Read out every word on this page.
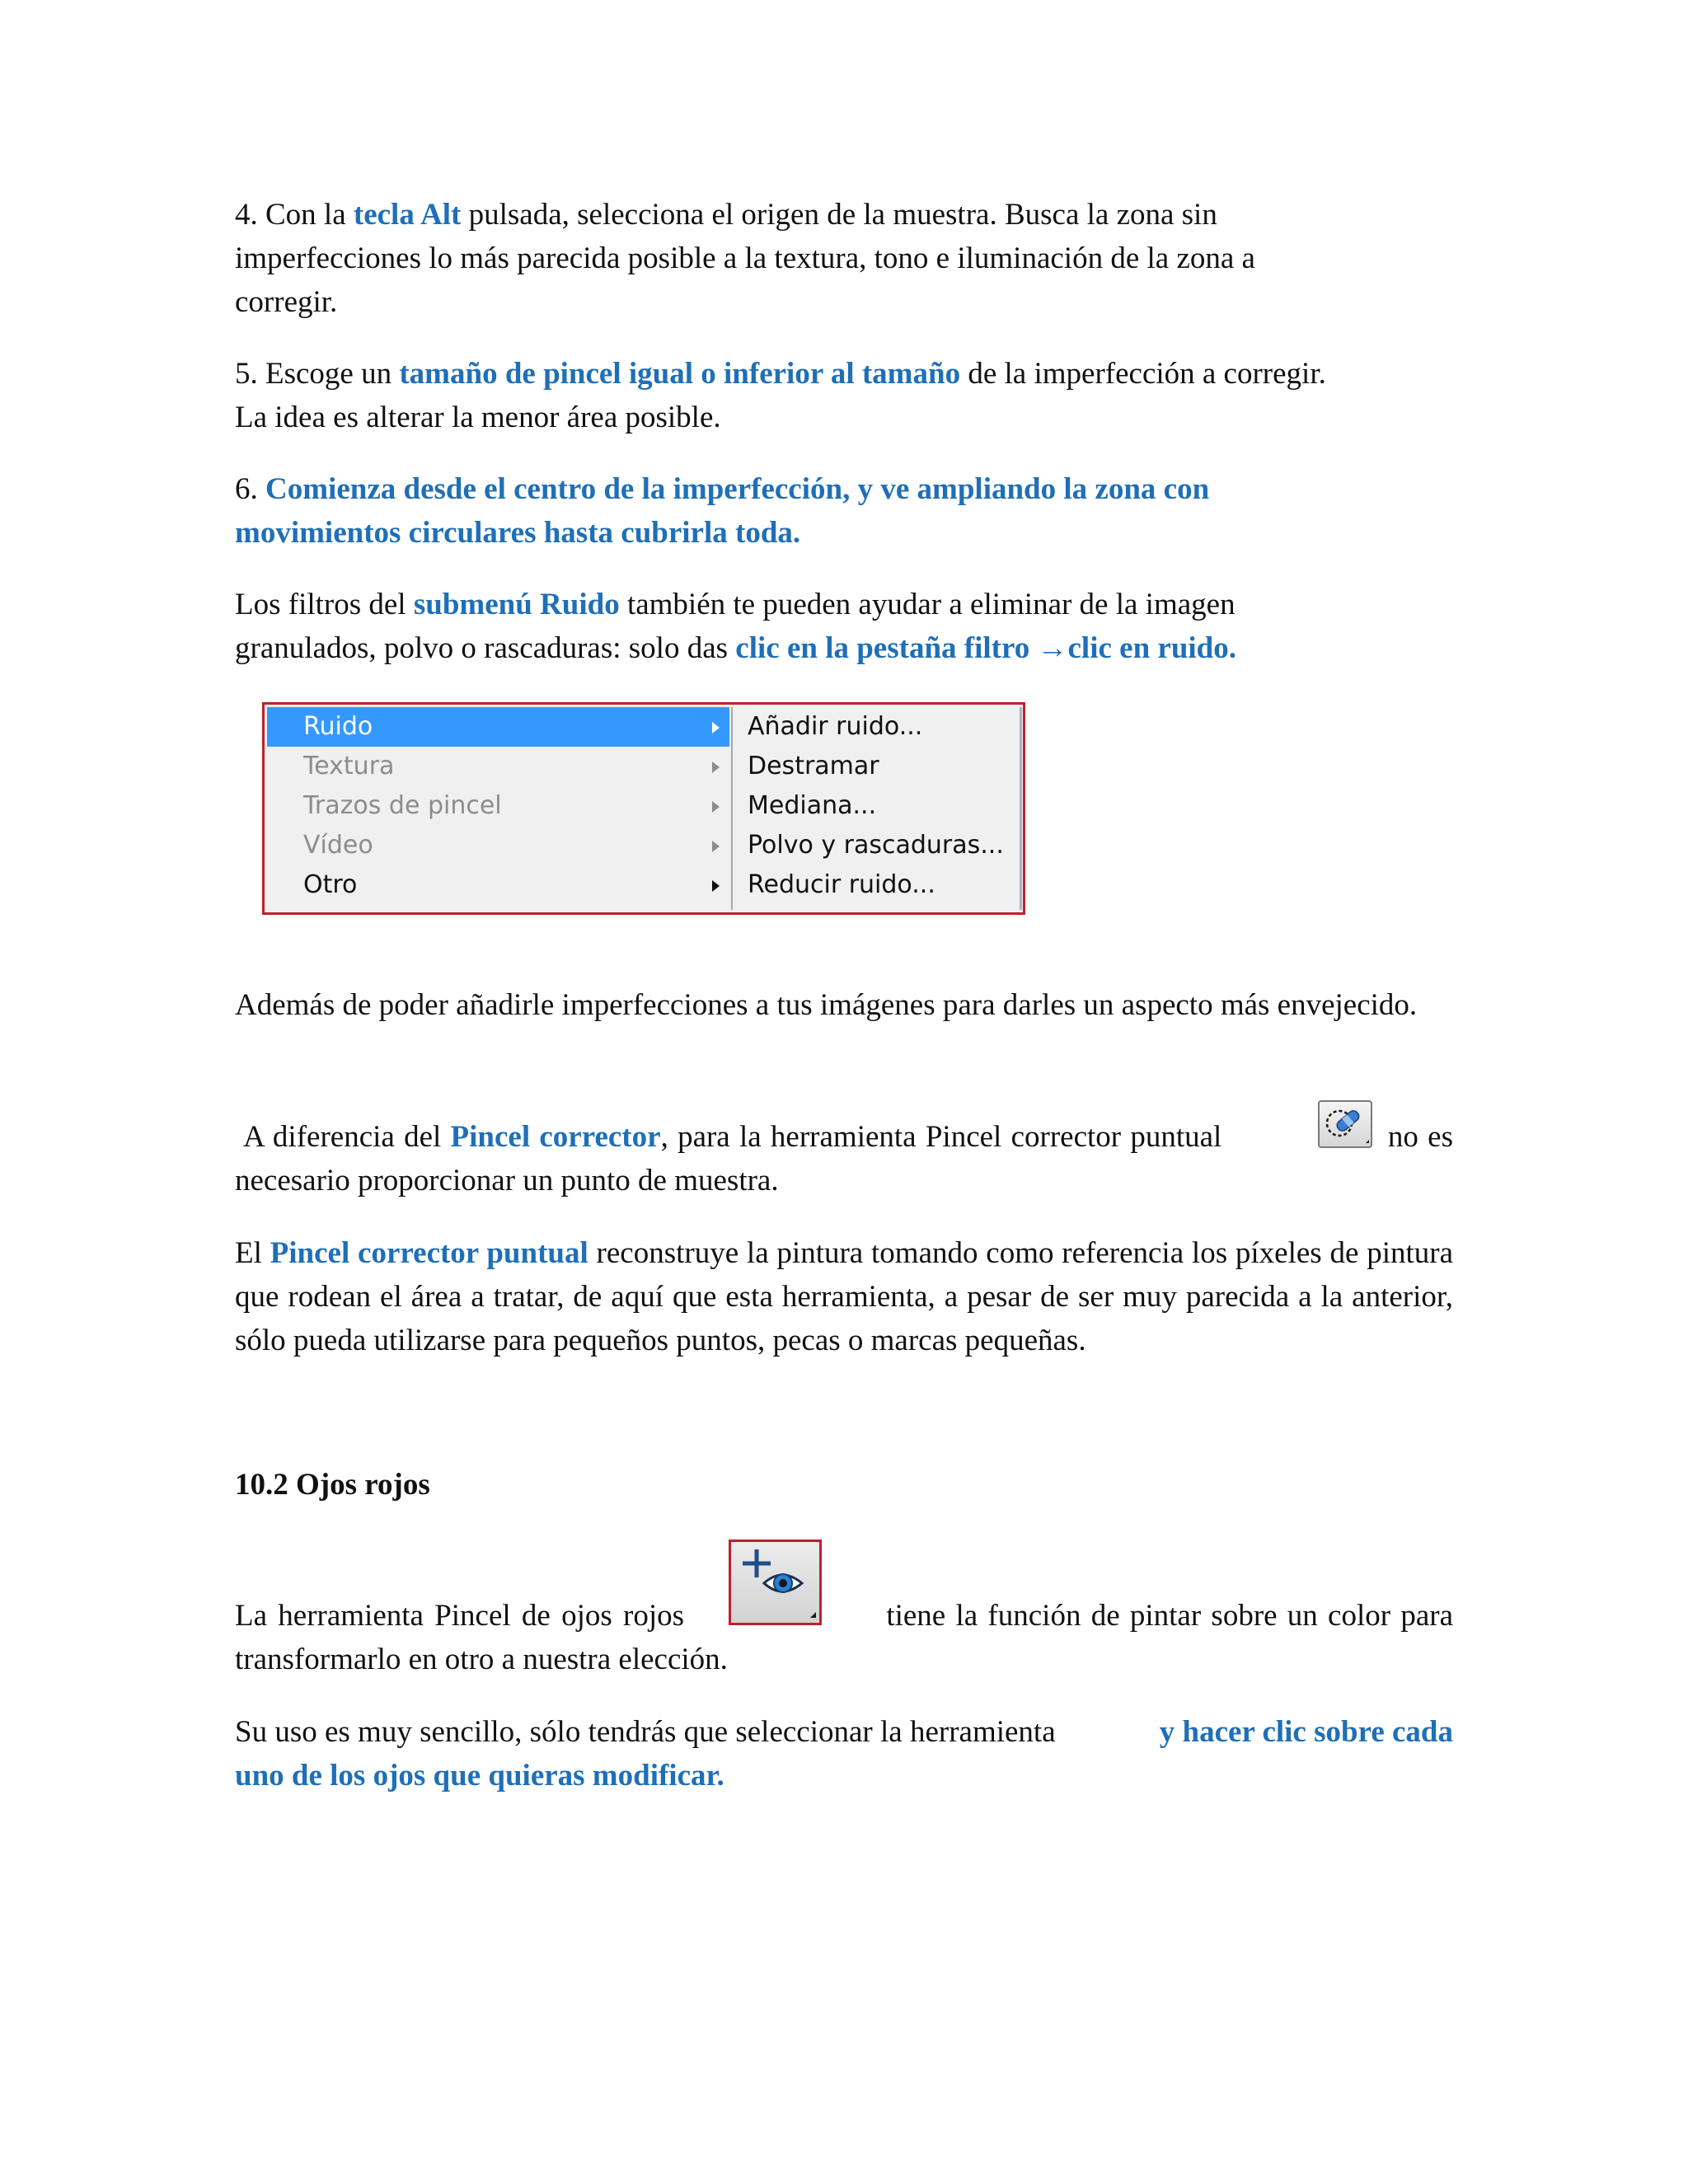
4. Con la tecla Alt pulsada, selecciona el origen de la muestra. Busca la zona sin
imperfecciones lo más parecida posible a la textura, tono e iluminación de la zona a
corregir.
5. Escoge un tamaño de pincel igual o inferior al tamaño de la imperfección a corregir.
La idea es alterar la menor área posible.
6. Comienza desde el centro de la imperfección, y ve ampliando la zona con
movimientos circulares hasta cubrirla toda.
Los filtros del submenú Ruido también te pueden ayudar a eliminar de la imagen
granulados, polvo o rascaduras: solo das clic en la pestaña filtro →clic en ruido.
Ruido
Textura
Trazos de pincel
Vídeo
Otro
Añadir ruido...
Destramar
Mediana...
Polvo y rascaduras...
Reducir ruido...
Además de poder añadirle imperfecciones a tus imágenes para darles un aspecto más envejecido.
A diferencia del Pincel corrector, para la herramienta Pincel corrector puntual	no es
necesario proporcionar un punto de muestra.
El Pincel corrector puntual reconstruye la pintura tomando como referencia los píxeles de pintura que rodean el área a tratar, de aquí que esta herramienta, a pesar de ser muy parecida a la anterior, sólo pueda utilizarse para pequeños puntos, pecas o marcas pequeñas.
10.2 Ojos rojos
La herramienta Pincel de ojos rojos	tiene la función de pintar sobre un color para
transformarlo en otro a nuestra elección.
Su uso es muy sencillo, sólo tendrás que seleccionar la herramienta	y hacer clic sobre cada
uno de los ojos que quieras modificar.
